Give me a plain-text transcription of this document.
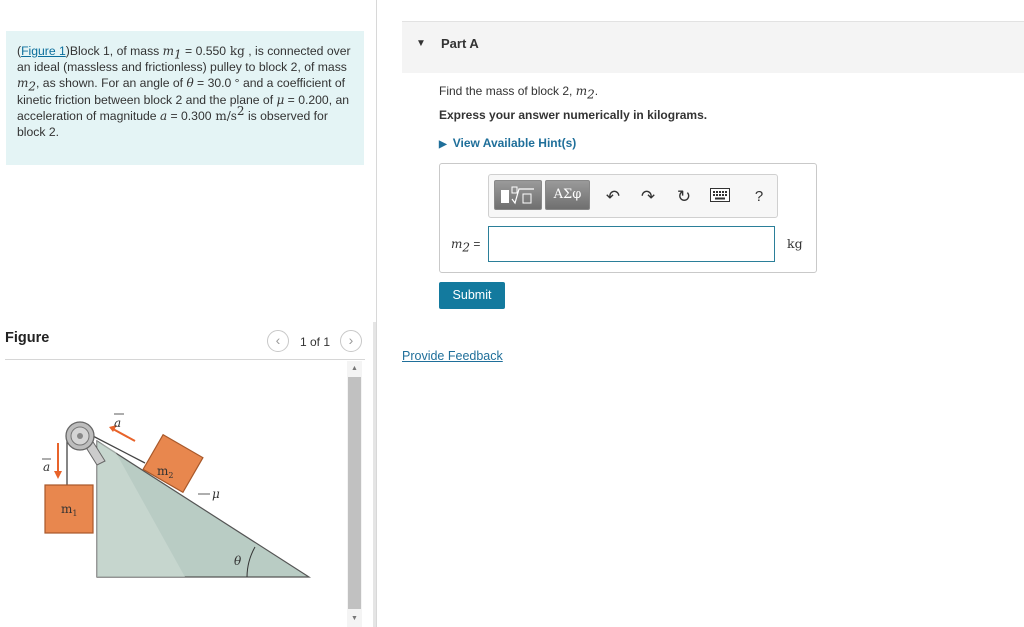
(Figure 1)Block 1, of mass $m_1 = 0.550$ kg , is connected over an ideal (massless and frictionless) pulley to block 2, of mass $m_2$, as shown. For an angle of θ = 30.0 ° and a coefficient of kinetic friction between block 2 and the plane of μ = 0.200, an acceleration of magnitude a = 0.300 $m/s^2$ is observed for block 2.
Figure	‹	1 of 1	›
θ
$m_2$
$m_1$
a
a
μ
▲
▼
▼ Part A
Find the mass of block 2, $m_2$.
Express your answer numerically in kilograms.
▶ View Available Hint(s)
ΑΣφ	↶ ↷ ↻	?
$m_2$ =	kg
Submit
Provide Feedback
